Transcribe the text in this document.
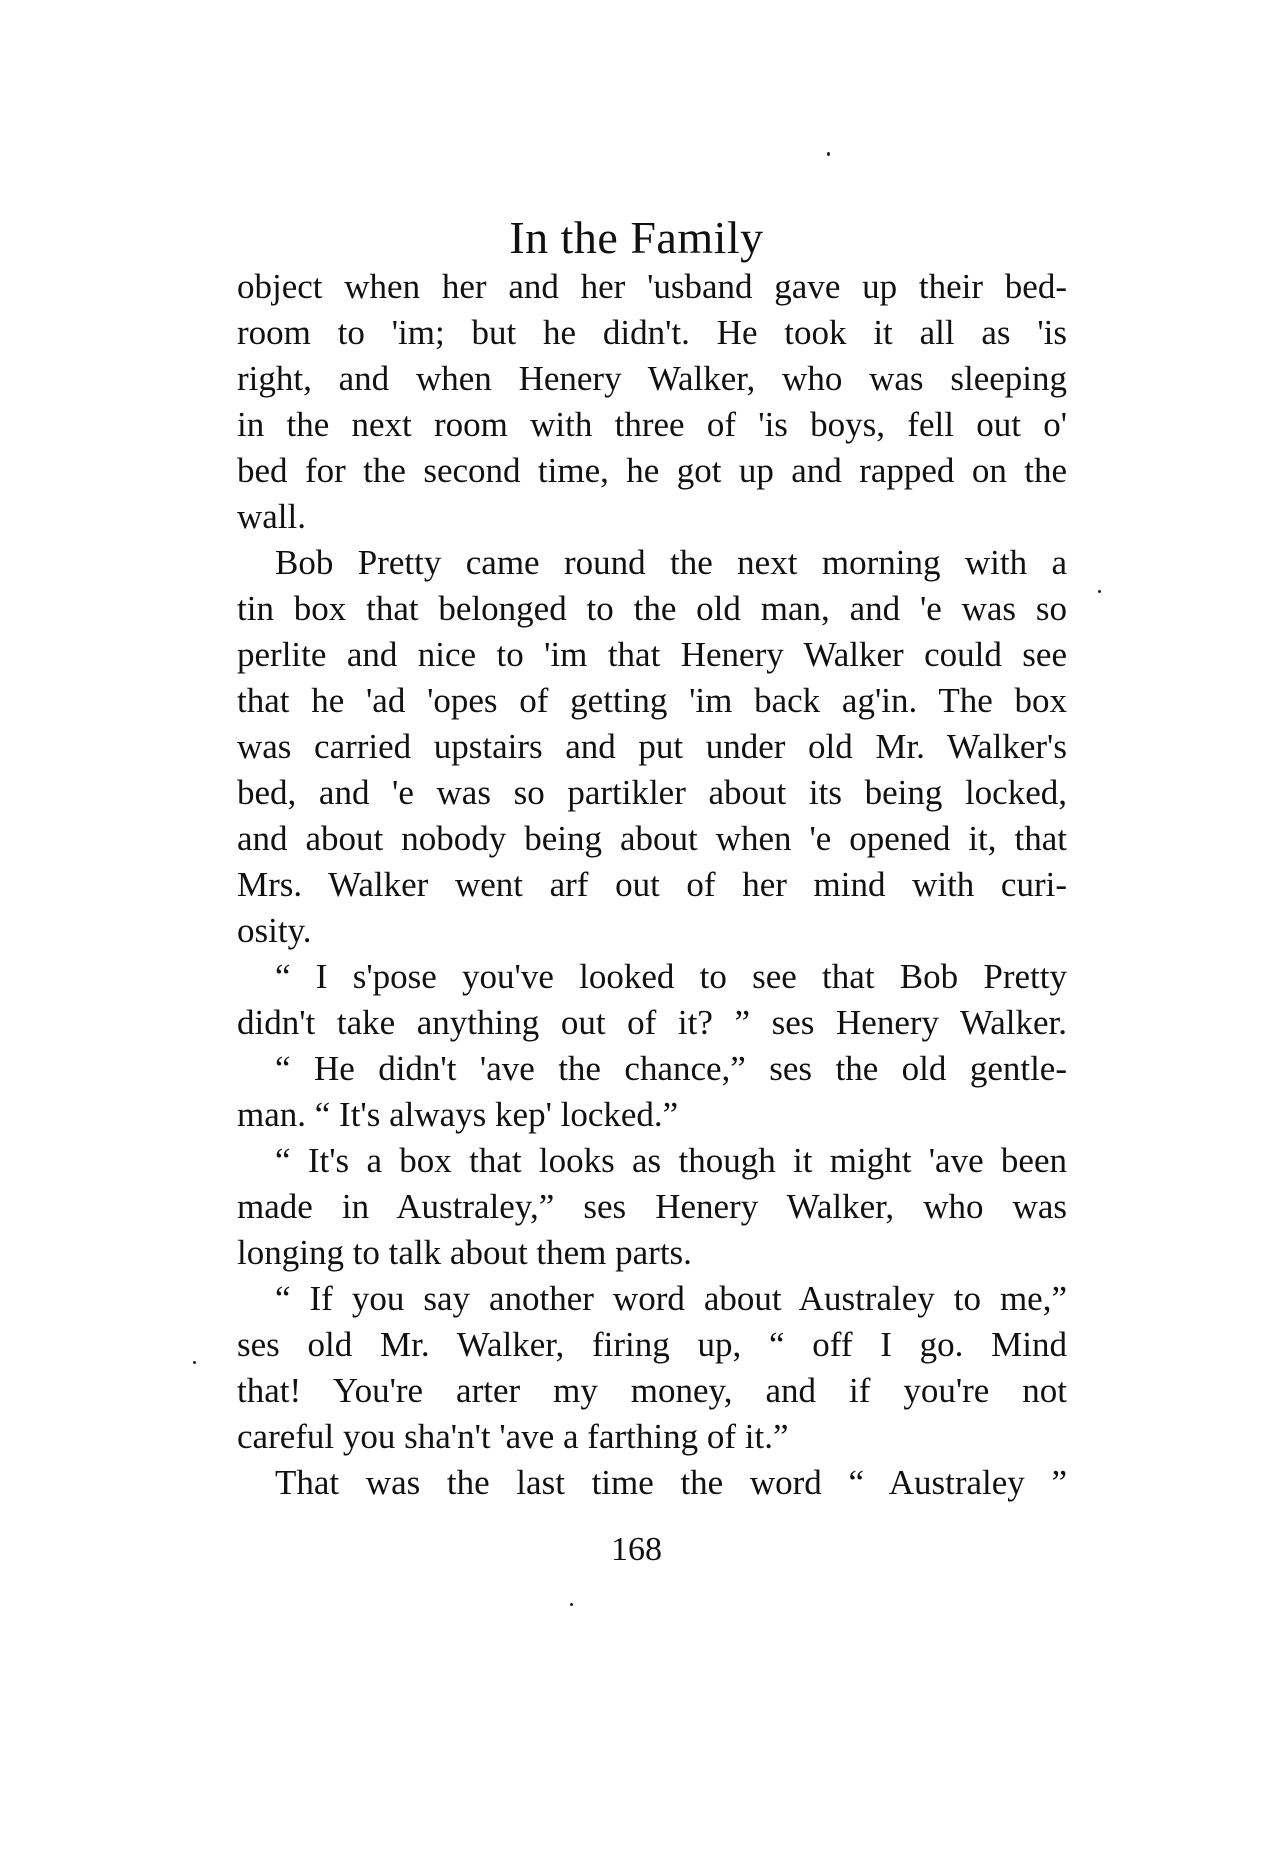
In the Family
object when her and her 'usband gave up their bed-
room to 'im; but he didn't. He took it all as 'is
right, and when Henery Walker, who was sleeping
in the next room with three of 'is boys, fell out o'
bed for the second time, he got up and rapped on the
wall.
Bob Pretty came round the next morning with a
tin box that belonged to the old man, and 'e was so
perlite and nice to 'im that Henery Walker could see
that he 'ad 'opes of getting 'im back ag'in. The box
was carried upstairs and put under old Mr. Walker's
bed, and 'e was so partikler about its being locked,
and about nobody being about when 'e opened it, that
Mrs. Walker went arf out of her mind with curi-
osity.
“ I s'pose you've looked to see that Bob Pretty
didn't take anything out of it? ” ses Henery Walker.
“ He didn't 'ave the chance,” ses the old gentle-
man. “ It's always kep' locked.”
“ It's a box that looks as though it might 'ave been
made in Australey,” ses Henery Walker, who was
longing to talk about them parts.
“ If you say another word about Australey to me,”
ses old Mr. Walker, firing up, “ off I go. Mind
that! You're arter my money, and if you're not
careful you sha'n't 'ave a farthing of it.”
That was the last time the word “ Australey ”
168
